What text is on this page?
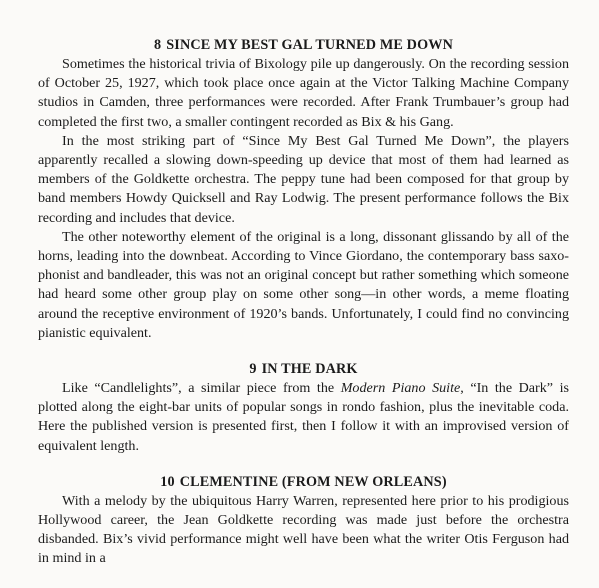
8 SINCE MY BEST GAL TURNED ME DOWN

Sometimes the historical trivia of Bixology pile up dangerously. On the recording session of October 25, 1927, which took place once again at the Victor Talking Machine Company studios in Camden, three performances were recorded. After Frank Trumbauer’s group had completed the first two, a smaller contingent recorded as Bix & his Gang.

In the most striking part of “Since My Best Gal Turned Me Down”, the players apparently recalled a slowing down-speeding up device that most of them had learned as members of the Goldkette orchestra. The peppy tune had been composed for that group by band members Howdy Quicksell and Ray Lodwig. The present performance follows the Bix recording and includes that device.

The other noteworthy element of the original is a long, dissonant glissando by all of the horns, leading into the downbeat. According to Vince Giordano, the contemporary bass saxo-phonist and bandleader, this was not an original concept but rather something which someone had heard some other group play on some other song—in other words, a meme floating around the receptive environment of 1920’s bands. Unfortunately, I could find no convincing pianistic equivalent.

9 IN THE DARK

Like “Candlelights”, a similar piece from the Modern Piano Suite, “In the Dark” is plotted along the eight-bar units of popular songs in rondo fashion, plus the inevitable coda. Here the published version is presented first, then I follow it with an improvised version of equivalent length.

10 CLEMENTINE (FROM NEW ORLEANS)

With a melody by the ubiquitous Harry Warren, represented here prior to his prodigious Hollywood career, the Jean Goldkette recording was made just before the orchestra disbanded. Bix’s vivid performance might well have been what the writer Otis Ferguson had in mind in a
